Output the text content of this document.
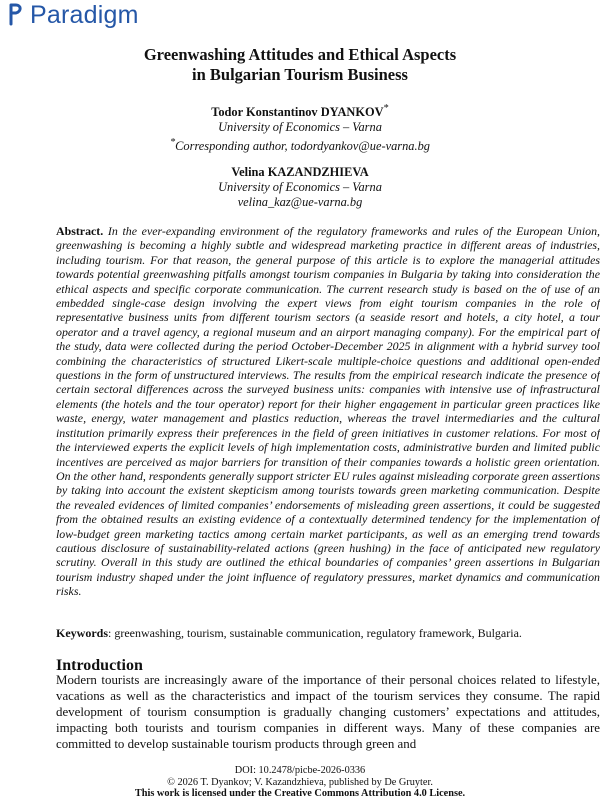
Paradigm
Greenwashing Attitudes and Ethical Aspects
in Bulgarian Tourism Business
Todor Konstantinov DYANKOV*
University of Economics – Varna
*Corresponding author, todordyankov@ue-varna.bg
Velina KAZANDZHIEVA
University of Economics – Varna
velina_kaz@ue-varna.bg
Abstract. In the ever-expanding environment of the regulatory frameworks and rules of the European Union, greenwashing is becoming a highly subtle and widespread marketing practice in different areas of industries, including tourism. For that reason, the general purpose of this article is to explore the managerial attitudes towards potential greenwashing pitfalls amongst tourism companies in Bulgaria by taking into consideration the ethical aspects and specific corporate communication. The current research study is based on the of use of an embedded single-case design involving the expert views from eight tourism companies in the role of representative business units from different tourism sectors (a seaside resort and hotels, a city hotel, a tour operator and a travel agency, a regional museum and an airport managing company). For the empirical part of the study, data were collected during the period October-December 2025 in alignment with a hybrid survey tool combining the characteristics of structured Likert-scale multiple-choice questions and additional open-ended questions in the form of unstructured interviews. The results from the empirical research indicate the presence of certain sectoral differences across the surveyed business units: companies with intensive use of infrastructural elements (the hotels and the tour operator) report for their higher engagement in particular green practices like waste, energy, water management and plastics reduction, whereas the travel intermediaries and the cultural institution primarily express their preferences in the field of green initiatives in customer relations. For most of the interviewed experts the explicit levels of high implementation costs, administrative burden and limited public incentives are perceived as major barriers for transition of their companies towards a holistic green orientation. On the other hand, respondents generally support stricter EU rules against misleading corporate green assertions by taking into account the existent skepticism among tourists towards green marketing communication. Despite the revealed evidences of limited companies’ endorsements of misleading green assertions, it could be suggested from the obtained results an existing evidence of a contextually determined tendency for the implementation of low-budget green marketing tactics among certain market participants, as well as an emerging trend towards cautious disclosure of sustainability-related actions (green hushing) in the face of anticipated new regulatory scrutiny. Overall in this study are outlined the ethical boundaries of companies’ green assertions in Bulgarian tourism industry shaped under the joint influence of regulatory pressures, market dynamics and communication risks.
Keywords: greenwashing, tourism, sustainable communication, regulatory framework, Bulgaria.
Introduction
Modern tourists are increasingly aware of the importance of their personal choices related to lifestyle, vacations as well as the characteristics and impact of the tourism services they consume. The rapid development of tourism consumption is gradually changing customers’ expectations and attitudes, impacting both tourists and tourism companies in different ways. Many of these companies are committed to develop sustainable tourism products through green and
DOI: 10.2478/picbe-2026-0336
© 2026 T. Dyankov; V. Kazandzhieva, published by De Gruyter.
This work is licensed under the Creative Commons Attribution 4.0 License.
